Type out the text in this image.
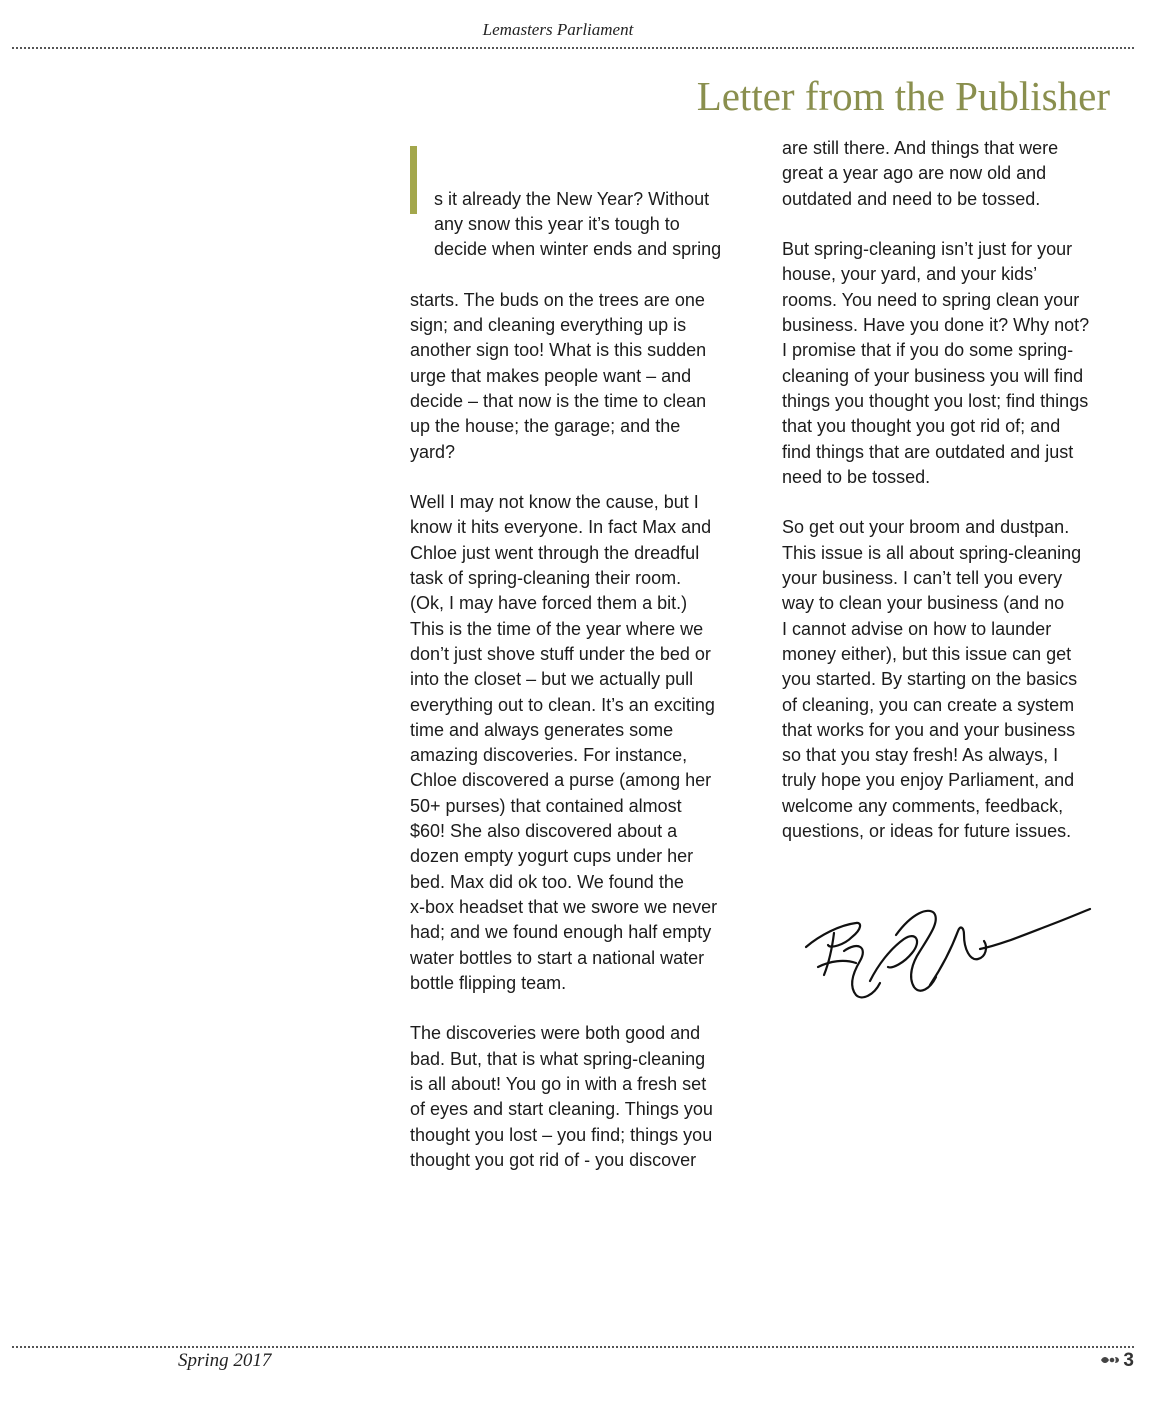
Lemasters Parliament
Letter from the Publisher

s it already the New Year? Without
any snow this year it’s tough to
decide when winter ends and spring

starts. The buds on the trees are one
sign; and cleaning everything up is
another sign too! What is this sudden
urge that makes people want – and
decide – that now is the time to clean
up the house; the garage; and the
yard?

Well I may not know the cause, but I
know it hits everyone. In fact Max and
Chloe just went through the dreadful
task of spring-cleaning their room.
(Ok, I may have forced them a bit.)
This is the time of the year where we
don’t just shove stuff under the bed or
into the closet – but we actually pull
everything out to clean. It’s an exciting
time and always generates some
amazing discoveries. For instance,
Chloe discovered a purse (among her
50+ purses) that contained almost
$60! She also discovered about a
dozen empty yogurt cups under her
bed. Max did ok too. We found the
x-box headset that we swore we never
had; and we found enough half empty
water bottles to start a national water
bottle flipping team.

The discoveries were both good and
bad. But, that is what spring-cleaning
is all about! You go in with a fresh set
of eyes and start cleaning. Things you
thought you lost – you find; things you
thought you got rid of - you discover

are still there. And things that were
great a year ago are now old and
outdated and need to be tossed.

But spring-cleaning isn’t just for your
house, your yard, and your kids’
rooms. You need to spring clean your
business. Have you done it? Why not?
I promise that if you do some spring-
cleaning of your business you will find
things you thought you lost; find things
that you thought you got rid of; and
find things that are outdated and just
need to be tossed.

So get out your broom and dustpan.
This issue is all about spring-cleaning
your business. I can’t tell you every
way to clean your business (and no
I cannot advise on how to launder
money either), but this issue can get
you started. By starting on the basics
of cleaning, you can create a system
that works for you and your business
so that you stay fresh! As always, I
truly hope you enjoy Parliament, and
welcome any comments, feedback,
questions, or ideas for future issues.

Spring 2017	3
